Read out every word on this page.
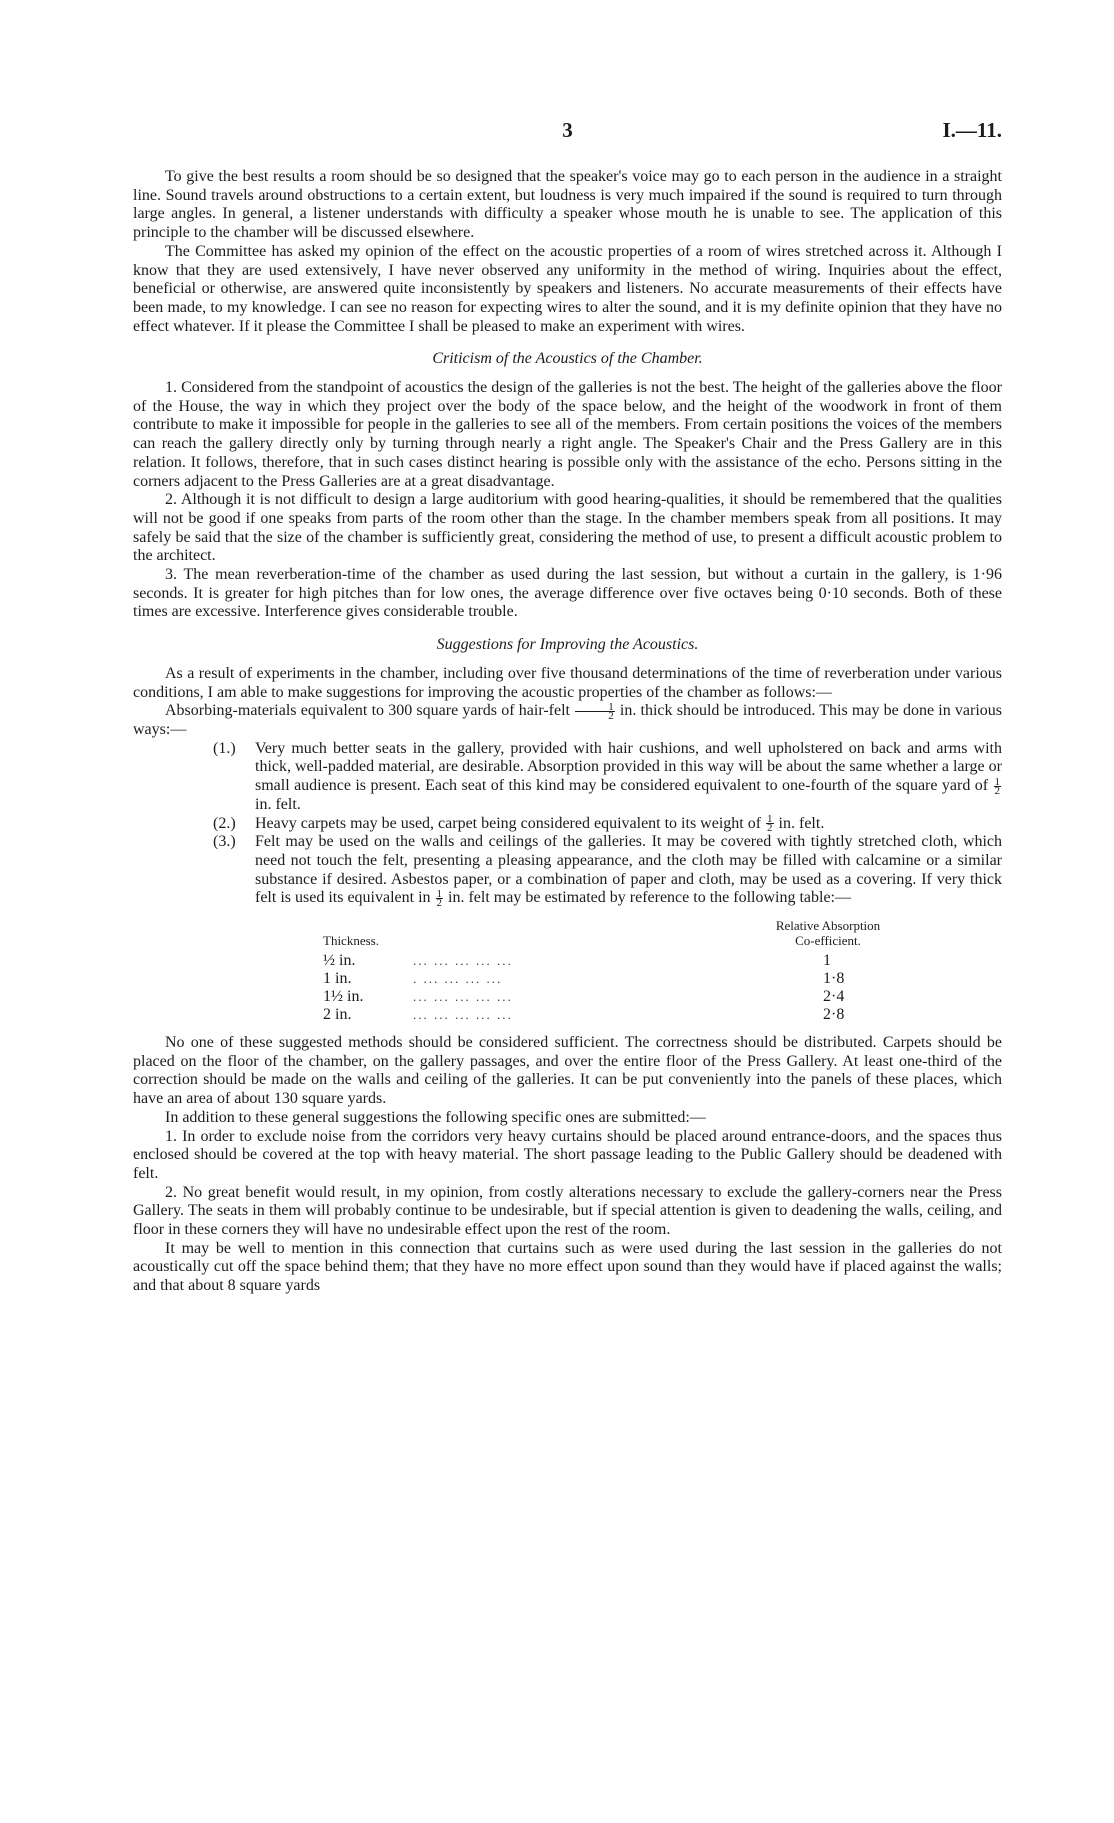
3	I.—11.

To give the best results a room should be so designed that the speaker's voice may go to each person in the audience in a straight line. Sound travels around obstructions to a certain extent, but loudness is very much impaired if the sound is required to turn through large angles. In general, a listener understands with difficulty a speaker whose mouth he is unable to see. The application of this principle to the chamber will be discussed elsewhere.

The Committee has asked my opinion of the effect on the acoustic properties of a room of wires stretched across it. Although I know that they are used extensively, I have never observed any uniformity in the method of wiring. Inquiries about the effect, beneficial or otherwise, are answered quite inconsistently by speakers and listeners. No accurate measurements of their effects have been made, to my knowledge. I can see no reason for expecting wires to alter the sound, and it is my definite opinion that they have no effect whatever. If it please the Committee I shall be pleased to make an experiment with wires.

Criticism of the Acoustics of the Chamber.

1. Considered from the standpoint of acoustics the design of the galleries is not the best. The height of the galleries above the floor of the House, the way in which they project over the body of the space below, and the height of the woodwork in front of them contribute to make it impossible for people in the galleries to see all of the members. From certain positions the voices of the members can reach the gallery directly only by turning through nearly a right angle. The Speaker's Chair and the Press Gallery are in this relation. It follows, therefore, that in such cases distinct hearing is possible only with the assistance of the echo. Persons sitting in the corners adjacent to the Press Galleries are at a great disadvantage.

2. Although it is not difficult to design a large auditorium with good hearing-qualities, it should be remembered that the qualities will not be good if one speaks from parts of the room other than the stage. In the chamber members speak from all positions. It may safely be said that the size of the chamber is sufficiently great, considering the method of use, to present a difficult acoustic problem to the architect.

3. The mean reverberation-time of the chamber as used during the last session, but without a curtain in the gallery, is 1·96 seconds. It is greater for high pitches than for low ones, the average difference over five octaves being 0·10 seconds. Both of these times are excessive. Interference gives considerable trouble.

Suggestions for Improving the Acoustics.

As a result of experiments in the chamber, including over five thousand determinations of the time of reverberation under various conditions, I am able to make suggestions for improving the acoustic properties of the chamber as follows:—

Absorbing-materials equivalent to 300 square yards of hair-felt $\frac{1}{2}$ in. thick should be introduced. This may be done in various ways:—

(1.)	Very much better seats in the gallery, provided with hair cushions, and well upholstered on back and arms with thick, well-padded material, are desirable. Absorption provided in this way will be about the same whether a large or small audience is present. Each seat of this kind may be considered equivalent to one-fourth of the square yard of $\frac{1}{2}$
in. felt.
(2.)	Heavy carpets may be used, carpet being considered equivalent to its weight of $\frac{1}{2}$ in. felt.
(3.)	Felt may be used on the walls and ceilings of the galleries. It may be covered with tightly stretched cloth, which need not touch the felt, presenting a pleasing appearance, and the cloth may be filled with calcamine or a similar substance if desired. Asbestos paper, or a combination of paper and cloth, may be used as a covering. If very thick felt is used its equivalent in $\frac{1}{2}$ in. felt may be estimated by reference to the following table:—
Thickness.
Relative Absorption
Co-efficient.
½ in.	... ... ... ... ...	1
1 in.	. ... ... ... ...	1·8
1½ in.	... ... ... ... ...	2·4
2 in.	... ... ... ... ...	2·8

No one of these suggested methods should be considered sufficient. The correctness should be distributed. Carpets should be placed on the floor of the chamber, on the gallery passages, and over the entire floor of the Press Gallery. At least one-third of the correction should be made on the walls and ceiling of the galleries. It can be put conveniently into the panels of these places, which have an area of about 130 square yards.

In addition to these general suggestions the following specific ones are submitted:—

1. In order to exclude noise from the corridors very heavy curtains should be placed around entrance-doors, and the spaces thus enclosed should be covered at the top with heavy material. The short passage leading to the Public Gallery should be deadened with felt.

2. No great benefit would result, in my opinion, from costly alterations necessary to exclude the gallery-corners near the Press Gallery. The seats in them will probably continue to be undesirable, but if special attention is given to deadening the walls, ceiling, and floor in these corners they will have no undesirable effect upon the rest of the room.

It may be well to mention in this connection that curtains such as were used during the last session in the galleries do not acoustically cut off the space behind them; that they have no more effect upon sound than they would have if placed against the walls; and that about 8 square yards
